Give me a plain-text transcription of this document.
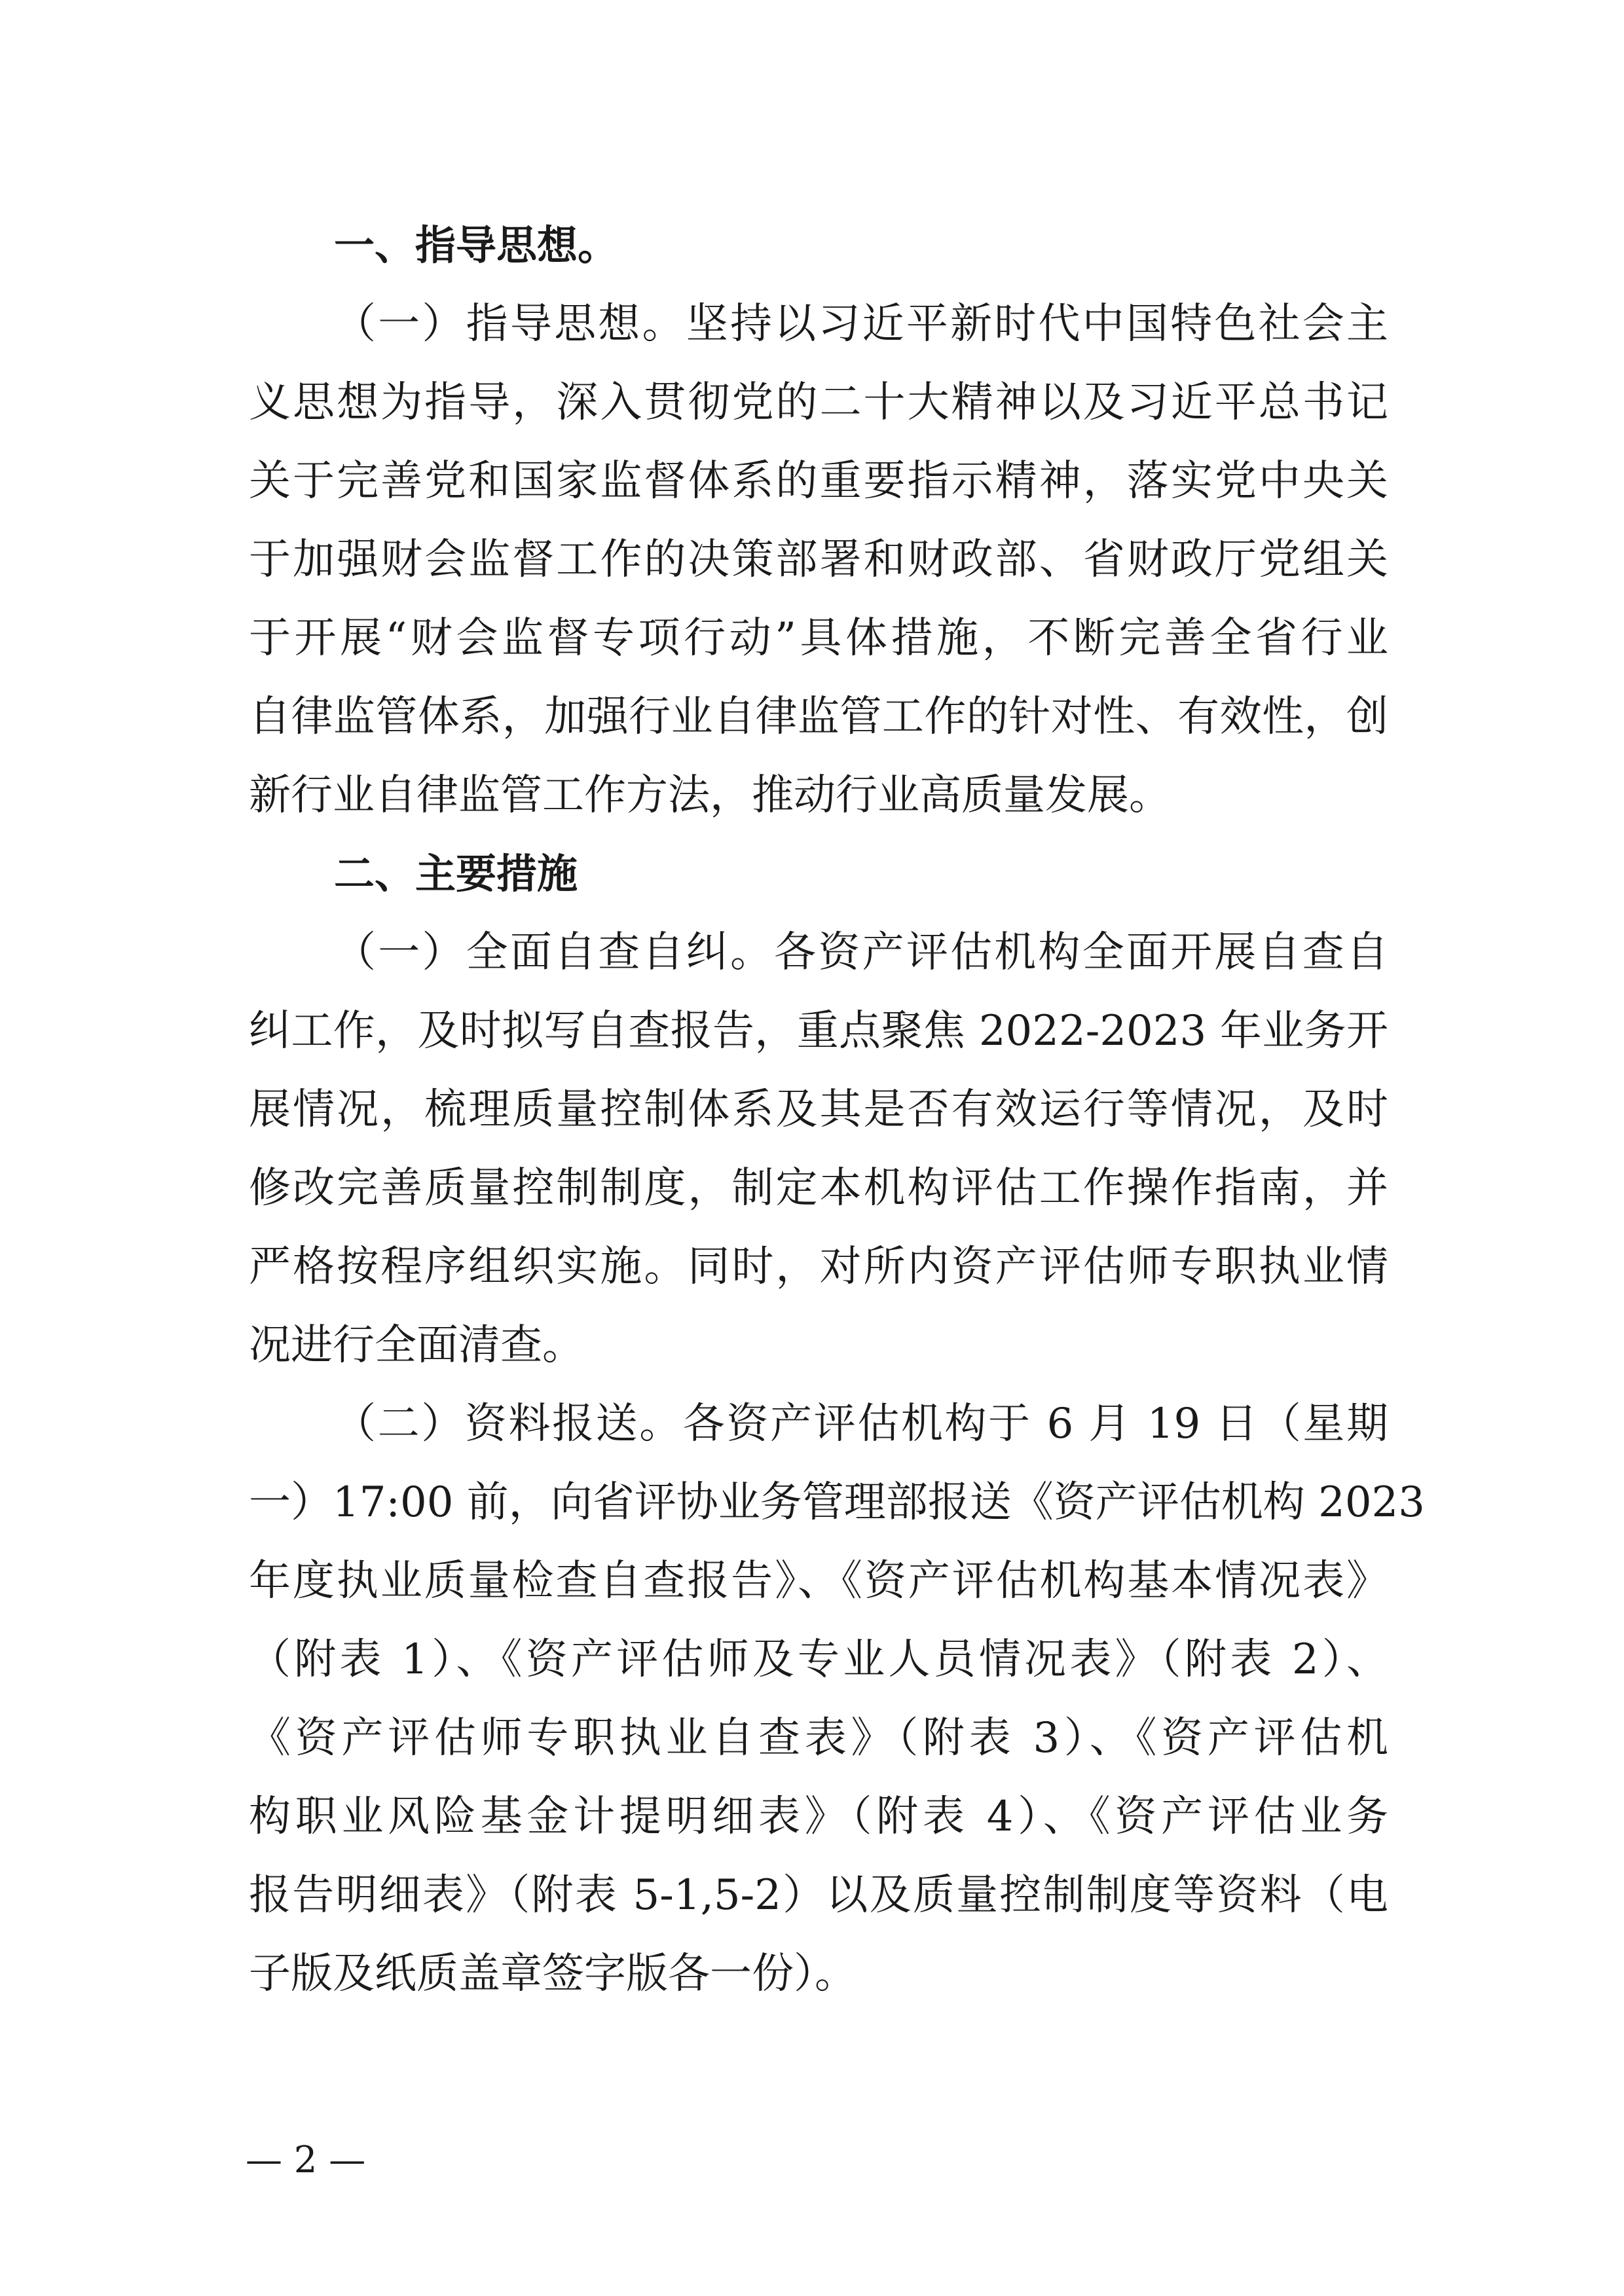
一、指导思想。
（一）指导思想。坚持以习近平新时代中国特色社会主
义思想为指导，深入贯彻党的二十大精神以及习近平总书记
关于完善党和国家监督体系的重要指示精神，落实党中央关
于加强财会监督工作的决策部署和财政部、省财政厅党组关
于开展“财会监督专项行动”具体措施，不断完善全省行业
自律监管体系，加强行业自律监管工作的针对性、有效性，创
新行业自律监管工作方法，推动行业高质量发展。
二、主要措施
（一）全面自查自纠。各资产评估机构全面开展自查自
纠工作，及时拟写自查报告，重点聚焦 2022-2023 年业务开
展情况，梳理质量控制体系及其是否有效运行等情况，及时
修改完善质量控制制度，制定本机构评估工作操作指南，并
严格按程序组织实施。同时，对所内资产评估师专职执业情
况进行全面清查。
（二）资料报送。各资产评估机构于 6 月 19 日（星期
一）17:00 前，向省评协业务管理部报送《资产评估机构 2023
年度执业质量检查自查报告》、《资产评估机构基本情况表》
（附表 1）、《资产评估师及专业人员情况表》（附表 2）、
《资产评估师专职执业自查表》（附表 3）、《资产评估机
构职业风险基金计提明细表》（附表 4）、《资产评估业务
报告明细表》（附表 5-1,5-2）以及质量控制制度等资料（电
子版及纸质盖章签字版各一份）。
— 2 —
